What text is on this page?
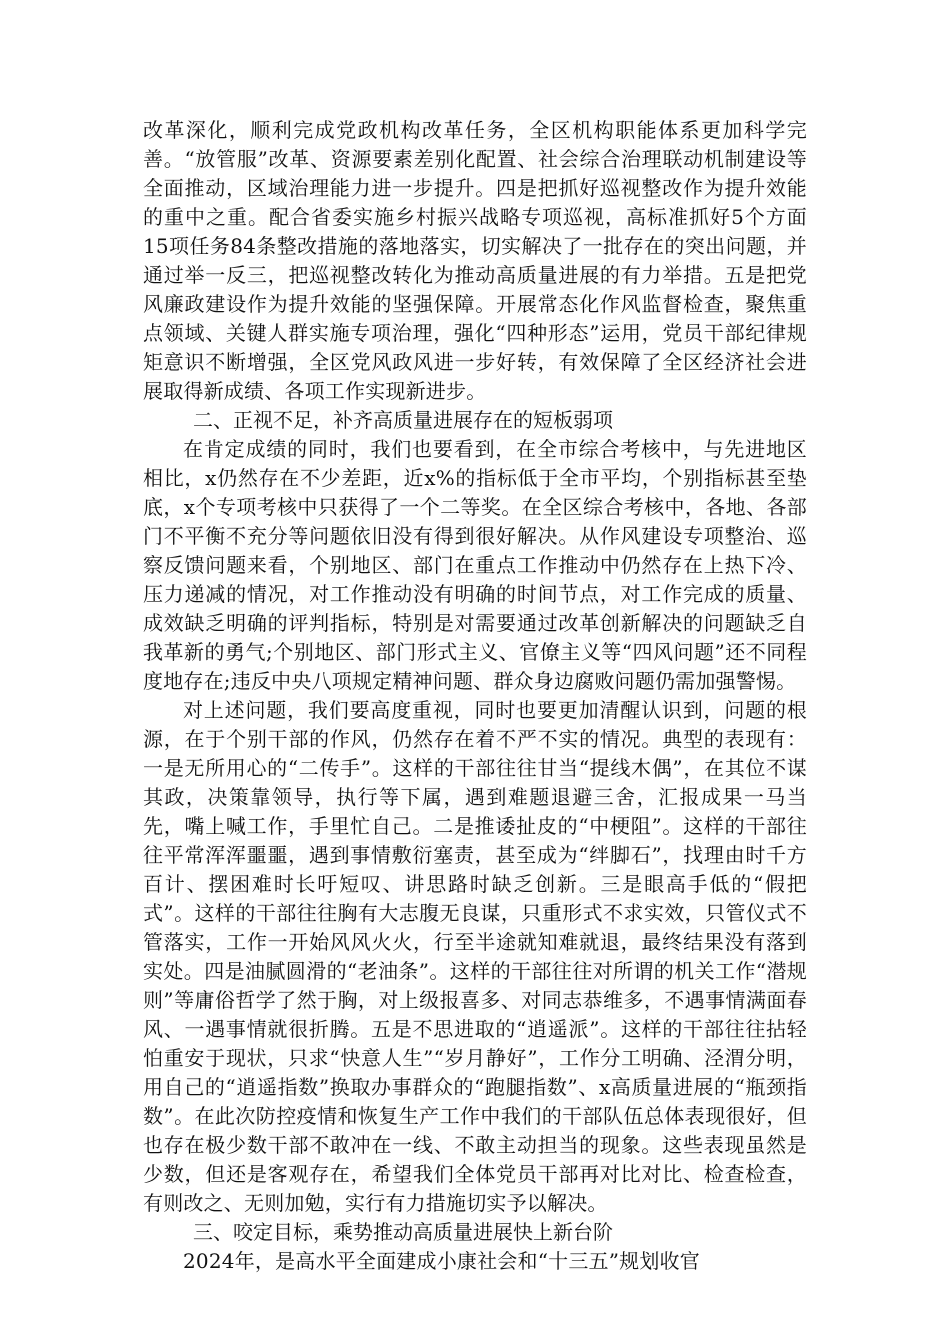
改革深化，顺利完成党政机构改革任务，全区机构职能体系更加科学完善。“放管服”改革、资源要素差别化配置、社会综合治理联动机制建设等全面推动，区域治理能力进一步提升。四是把抓好巡视整改作为提升效能的重中之重。配合省委实施乡村振兴战略专项巡视，高标准抓好5个方面15项任务84条整改措施的落地落实，切实解决了一批存在的突出问题，并通过举一反三，把巡视整改转化为推动高质量进展的有力举措。五是把党风廉政建设作为提升效能的坚强保障。开展常态化作风监督检查，聚焦重点领域、关键人群实施专项治理，强化“四种形态”运用，党员干部纪律规矩意识不断增强，全区党风政风进一步好转，有效保障了全区经济社会进展取得新成绩、各项工作实现新进步。

二、正视不足，补齐高质量进展存在的短板弱项

在肯定成绩的同时，我们也要看到，在全市综合考核中，与先进地区相比，x仍然存在不少差距，近x%的指标低于全市平均，个别指标甚至垫底，x个专项考核中只获得了一个二等奖。在全区综合考核中，各地、各部门不平衡不充分等问题依旧没有得到很好解决。从作风建设专项整治、巡察反馈问题来看，个别地区、部门在重点工作推动中仍然存在上热下冷、压力递减的情况，对工作推动没有明确的时间节点，对工作完成的质量、成效缺乏明确的评判指标，特别是对需要通过改革创新解决的问题缺乏自我革新的勇气;个别地区、部门形式主义、官僚主义等“四风问题”还不同程度地存在;违反中央八项规定精神问题、群众身边腐败问题仍需加强警惕。

对上述问题，我们要高度重视，同时也要更加清醒认识到，问题的根源，在于个别干部的作风，仍然存在着不严不实的情况。典型的表现有：一是无所用心的“二传手”。这样的干部往往甘当“提线木偶”，在其位不谋其政，决策靠领导，执行等下属，遇到难题退避三舍，汇报成果一马当先，嘴上喊工作，手里忙自己。二是推诿扯皮的“中梗阻”。这样的干部往往平常浑浑噩噩，遇到事情敷衍塞责，甚至成为“绊脚石”，找理由时千方百计、摆困难时长吁短叹、讲思路时缺乏创新。三是眼高手低的“假把式”。这样的干部往往胸有大志腹无良谋，只重形式不求实效，只管仪式不管落实，工作一开始风风火火，行至半途就知难就退，最终结果没有落到实处。四是油腻圆滑的“老油条”。这样的干部往往对所谓的机关工作“潜规则”等庸俗哲学了然于胸，对上级报喜多、对同志恭维多，不遇事情满面春风、一遇事情就很折腾。五是不思进取的“逍遥派”。这样的干部往往拈轻怕重安于现状，只求“快意人生”“岁月静好”，工作分工明确、泾渭分明，用自己的“逍遥指数”换取办事群众的“跑腿指数”、x高质量进展的“瓶颈指数”。在此次防控疫情和恢复生产工作中我们的干部队伍总体表现很好，但也存在极少数干部不敢冲在一线、不敢主动担当的现象。这些表现虽然是少数，但还是客观存在，希望我们全体党员干部再对比对比、检查检查，有则改之、无则加勉，实行有力措施切实予以解决。

三、咬定目标，乘势推动高质量进展快上新台阶

2024年，是高水平全面建成小康社会和“十三五”规划收官
